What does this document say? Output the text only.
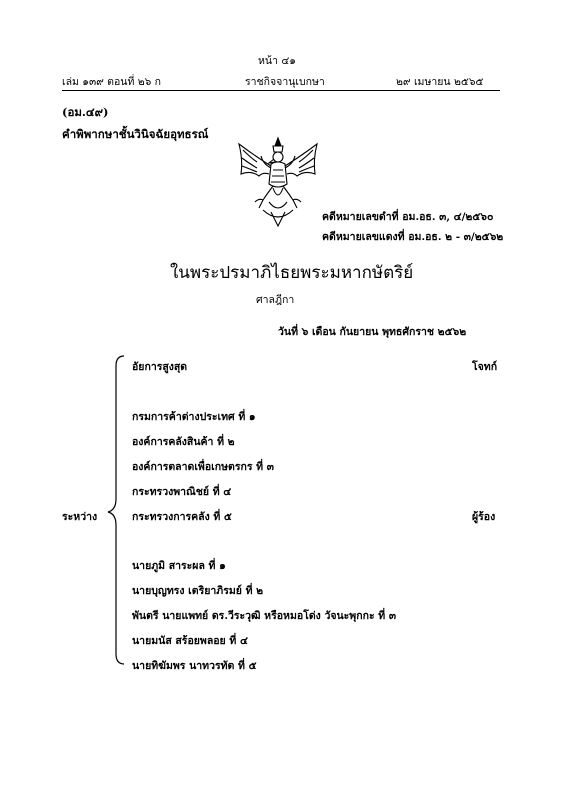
หน้า ๔๑
เล่ม ๑๓๙ ตอนที่ ๒๖ ก	ราชกิจจานุเบกษา	๒๙ เมษายน ๒๕๖๕
(อม.๔๙)
คำพิพากษาชั้นวินิจฉัยอุทธรณ์
คดีหมายเลขดำที่ อม.อธ. ๓, ๔/๒๕๖๐
คดีหมายเลขแดงที่ อม.อธ. ๒ - ๓/๒๕๖๒
ในพระปรมาภิไธยพระมหากษัตริย์
ศาลฎีกา
วันที่ ๖ เดือน กันยายน พุทธศักราช ๒๕๖๒
ระหว่าง
อัยการสูงสุด	โจทก์
กรมการค้าต่างประเทศ ที่ ๑
องค์การคลังสินค้า ที่ ๒
องค์การตลาดเพื่อเกษตรกร ที่ ๓
กระทรวงพาณิชย์ ที่ ๔
กระทรวงการคลัง ที่ ๕	ผู้ร้อง
นายภูมิ สาระผล ที่ ๑
นายบุญทรง เตริยาภิรมย์ ที่ ๒
พันตรี นายแพทย์ ดร.วีระวุฒิ หรือหมอโด่ง วัจนะพุกกะ ที่ ๓
นายมนัส สร้อยพลอย ที่ ๔
นายทิฆัมพร นาทวรทัต ที่ ๕
